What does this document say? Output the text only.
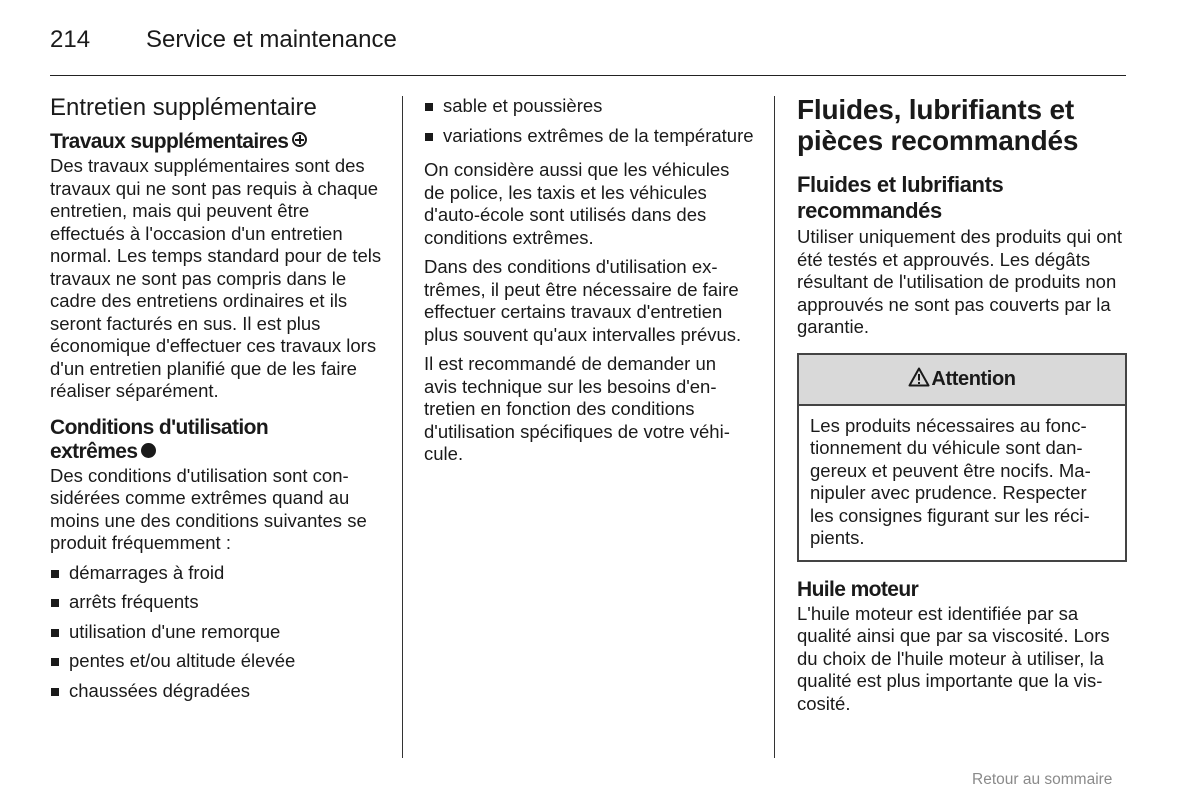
214 Service et maintenance
Entretien supplémentaire
Travaux supplémentaires

Des travaux supplémentaires sont des travaux qui ne sont pas requis à chaque entretien, mais qui peuvent être effectués à l'occasion d'un entretien normal. Les temps standard pour de tels travaux ne sont pas compris dans le cadre des entretiens ordinaires et ils seront facturés en sus. Il est plus économique d'effectuer ces travaux lors d'un entretien planifié que de les faire réaliser séparément.

Conditions d'utilisation
extrêmes

Des conditions d'utilisation sont considérées comme extrêmes quand au moins une des conditions suivantes se produit fréquemment :

démarrages à froid
arrêts fréquents
utilisation d'une remorque
pentes et/ou altitude élevée
chaussées dégradées
sable et poussières
variations extrêmes de la température

On considère aussi que les véhicules de police, les taxis et les véhicules d'auto-école sont utilisés dans des conditions extrêmes.

Dans des conditions d'utilisation extrêmes, il peut être nécessaire de faire effectuer certains travaux d'entretien plus souvent qu'aux intervalles prévus.

Il est recommandé de demander un avis technique sur les besoins d'entretien en fonction des conditions d'utilisation spécifiques de votre véhicule.

Fluides, lubrifiants et pièces recommandés
Fluides et lubrifiants recommandés

Utiliser uniquement des produits qui ont été testés et approuvés. Les dégâts résultant de l'utilisation de produits non approuvés ne sont pas couverts par la garantie.

Attention
Les produits nécessaires au fonctionnement du véhicule sont dangereux et peuvent être nocifs. Manipuler avec prudence. Respecter les consignes figurant sur les récipients.
Huile moteur

L'huile moteur est identifiée par sa qualité ainsi que par sa viscosité. Lors du choix de l'huile moteur à utiliser, la qualité est plus importante que la viscosité.

Retour au sommaire
